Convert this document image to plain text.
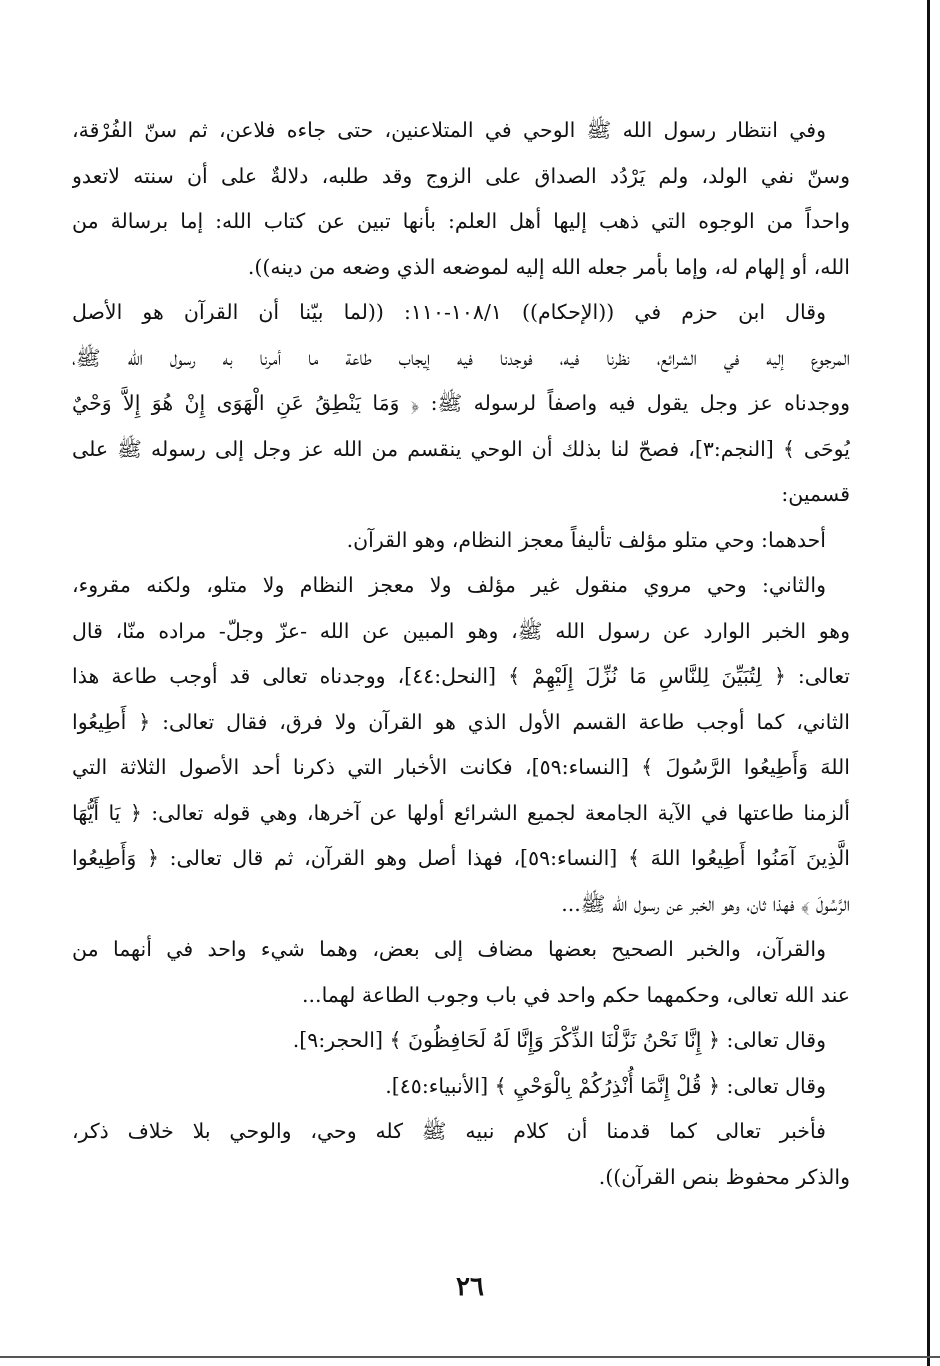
وفي انتظار رسول الله ﷺ الوحي في المتلاعنين، حتى جاءه فلاعن، ثم سنّ الفُرْقة،
وسنّ نفي الولد، ولم يَرْدُد الصداق على الزوج وقد طلبه، دلالةٌ على أن سنته لاتعدو
واحداً من الوجوه التي ذهب إليها أهل العلم: بأنها تبين عن كتاب الله: إما برسالة من
الله، أو إلهام له، وإما بأمر جعله الله إليه لموضعه الذي وضعه من دينه)).
وقال ابن حزم في ((الإحكام)) ١٠٨/١-١١٠: ((لما بيّنا أن القرآن هو الأصل
المرجوع إليه في الشرائع، نظرنا فيه، فوجدنا فيه إيجاب طاعة ما أمرنا به رسول الله ﷺ،
ووجدناه عز وجل يقول فيه واصفاً لرسوله ﷺ: ﴿ وَمَا يَنْطِقُ عَنِ الْهَوَى إِنْ هُوَ إِلاَّ وَحْيٌ
يُوحَى ﴾ [النجم:٣]، فصحّ لنا بذلك أن الوحي ينقسم من الله عز وجل إلى رسوله ﷺ على
قسمين:
أحدهما: وحي متلو مؤلف تأليفاً معجز النظام، وهو القرآن.
والثاني: وحي مروي منقول غير مؤلف ولا معجز النظام ولا متلو، ولكنه مقروء،
وهو الخبر الوارد عن رسول الله ﷺ، وهو المبين عن الله -عزّ وجلّ- مراده منّا، قال
تعالى: ﴿ لِتُبَيِّنَ لِلنَّاسِ مَا نُزِّلَ إِلَيْهِمْ ﴾ [النحل:٤٤]، ووجدناه تعالى قد أوجب طاعة هذا
الثاني، كما أوجب طاعة القسم الأول الذي هو القرآن ولا فرق، فقال تعالى: ﴿ أَطِيعُوا
اللهَ وَأَطِيعُوا الرَّسُولَ ﴾ [النساء:٥٩]، فكانت الأخبار التي ذكرنا أحد الأصول الثلاثة التي
ألزمنا طاعتها في الآية الجامعة لجميع الشرائع أولها عن آخرها، وهي قوله تعالى: ﴿ يَا أَيُّهَا
الَّذِينَ آمَنُوا أَطِيعُوا اللهَ ﴾ [النساء:٥٩]، فهذا أصل وهو القرآن، ثم قال تعالى: ﴿ وَأَطِيعُوا
الرَّسُولَ ﴾ فهذا ثان، وهو الخبر عن رسول الله ﷺ...
والقرآن، والخبر الصحيح بعضها مضاف إلى بعض، وهما شيء واحد في أنهما من
عند الله تعالى، وحكمهما حكم واحد في باب وجوب الطاعة لهما...
وقال تعالى: ﴿ إِنَّا نَحْنُ نَزَّلْنَا الذِّكْرَ وَإِنَّا لَهُ لَحَافِظُونَ ﴾ [الحجر:٩].
وقال تعالى: ﴿ قُلْ إِنَّمَا أُنْذِرُكُمْ بِالْوَحْيِ ﴾ [الأنبياء:٤٥].
فأخبر تعالى كما قدمنا أن كلام نبيه ﷺ كله وحي، والوحي بلا خلاف ذكر،
والذكر محفوظ بنص القرآن)).
٢٦
